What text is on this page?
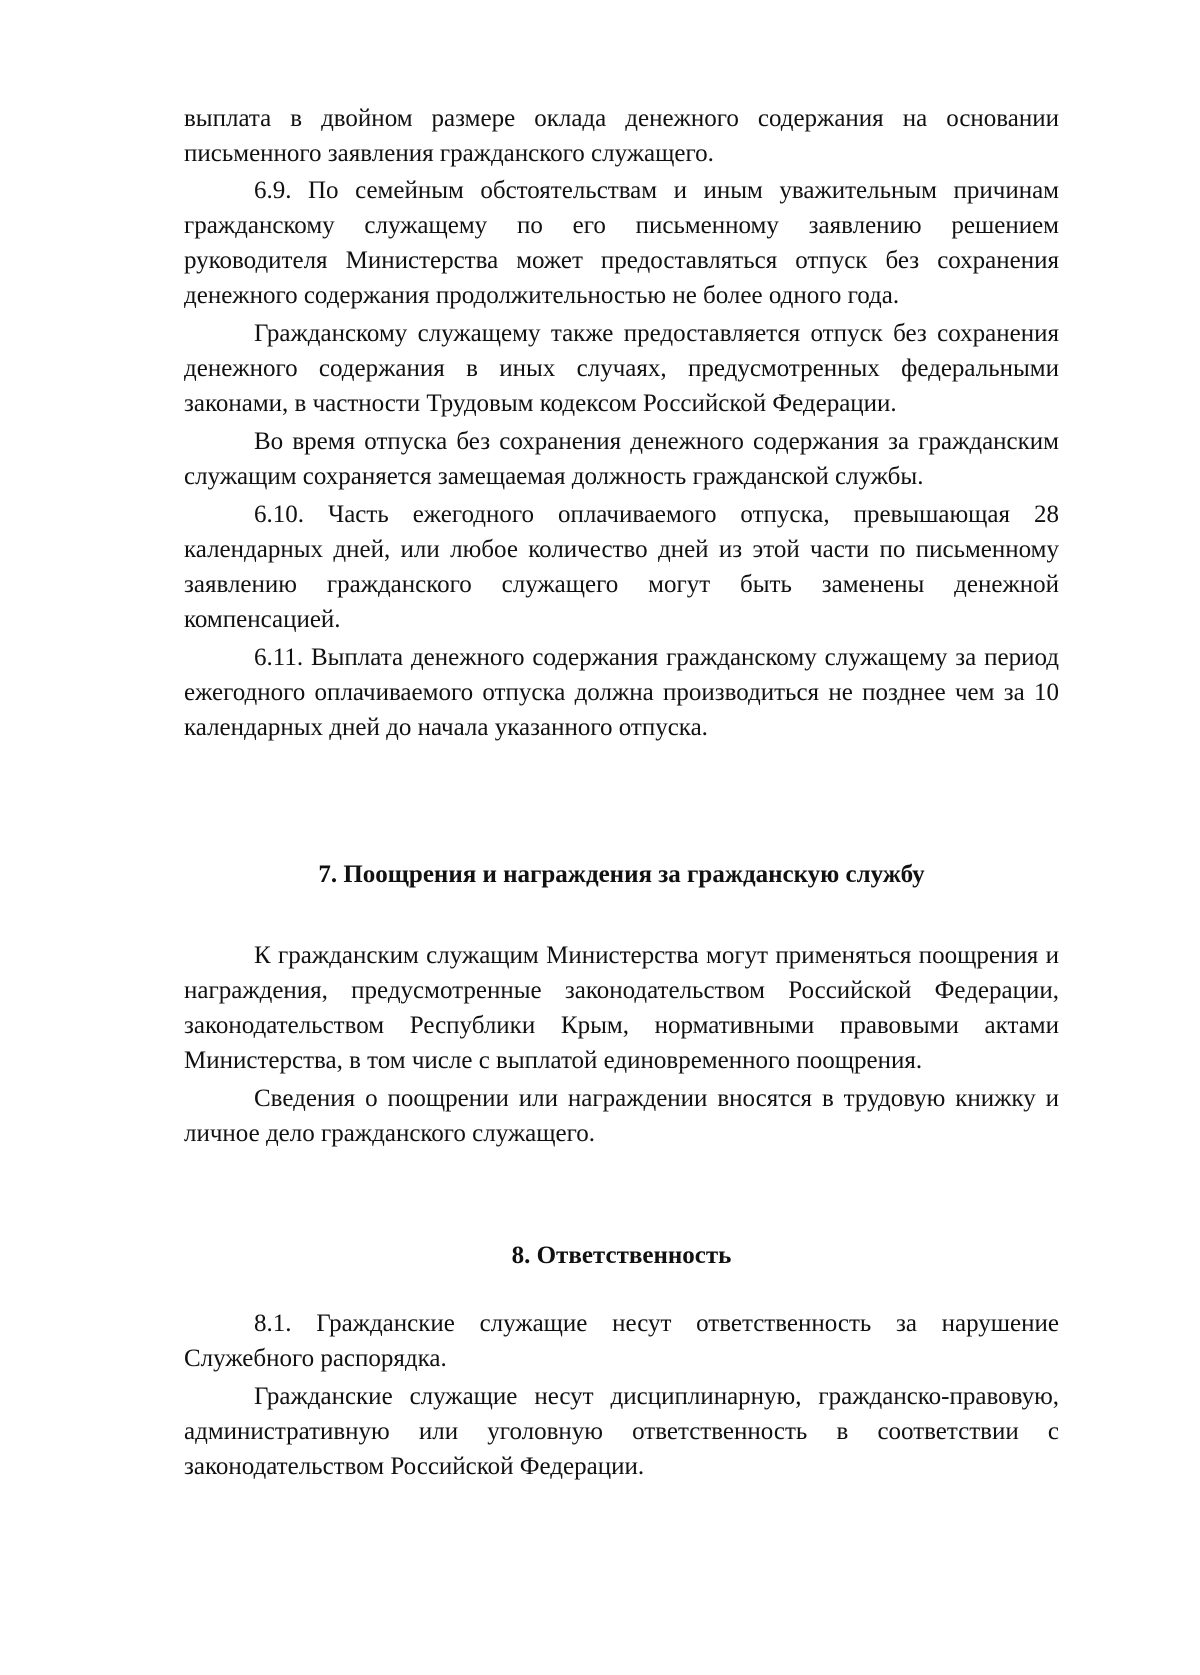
выплата в двойном размере оклада денежного содержания на основании письменного заявления гражданского служащего.

6.9. По семейным обстоятельствам и иным уважительным причинам гражданскому служащему по его письменному заявлению решением руководителя Министерства может предоставляться отпуск без сохранения денежного содержания продолжительностью не более одного года.

Гражданскому служащему также предоставляется отпуск без сохранения денежного содержания в иных случаях, предусмотренных федеральными законами, в частности Трудовым кодексом Российской Федерации.

Во время отпуска без сохранения денежного содержания за гражданским служащим сохраняется замещаемая должность гражданской службы.

6.10. Часть ежегодного оплачиваемого отпуска, превышающая 28 календарных дней, или любое количество дней из этой части по письменному заявлению гражданского служащего могут быть заменены денежной компенсацией.

6.11. Выплата денежного содержания гражданскому служащему за период ежегодного оплачиваемого отпуска должна производиться не позднее чем за 10 календарных дней до начала указанного отпуска.

7. Поощрения и награждения за гражданскую службу

К гражданским служащим Министерства могут применяться поощрения и награждения, предусмотренные законодательством Российской Федерации, законодательством Республики Крым, нормативными правовыми актами Министерства, в том числе с выплатой единовременного поощрения.

Сведения о поощрении или награждении вносятся в трудовую книжку и личное дело гражданского служащего.

8. Ответственность

8.1. Гражданские служащие несут ответственность за нарушение Служебного распорядка.

Гражданские служащие несут дисциплинарную, гражданско-правовую, административную или уголовную ответственность в соответствии с законодательством Российской Федерации.
